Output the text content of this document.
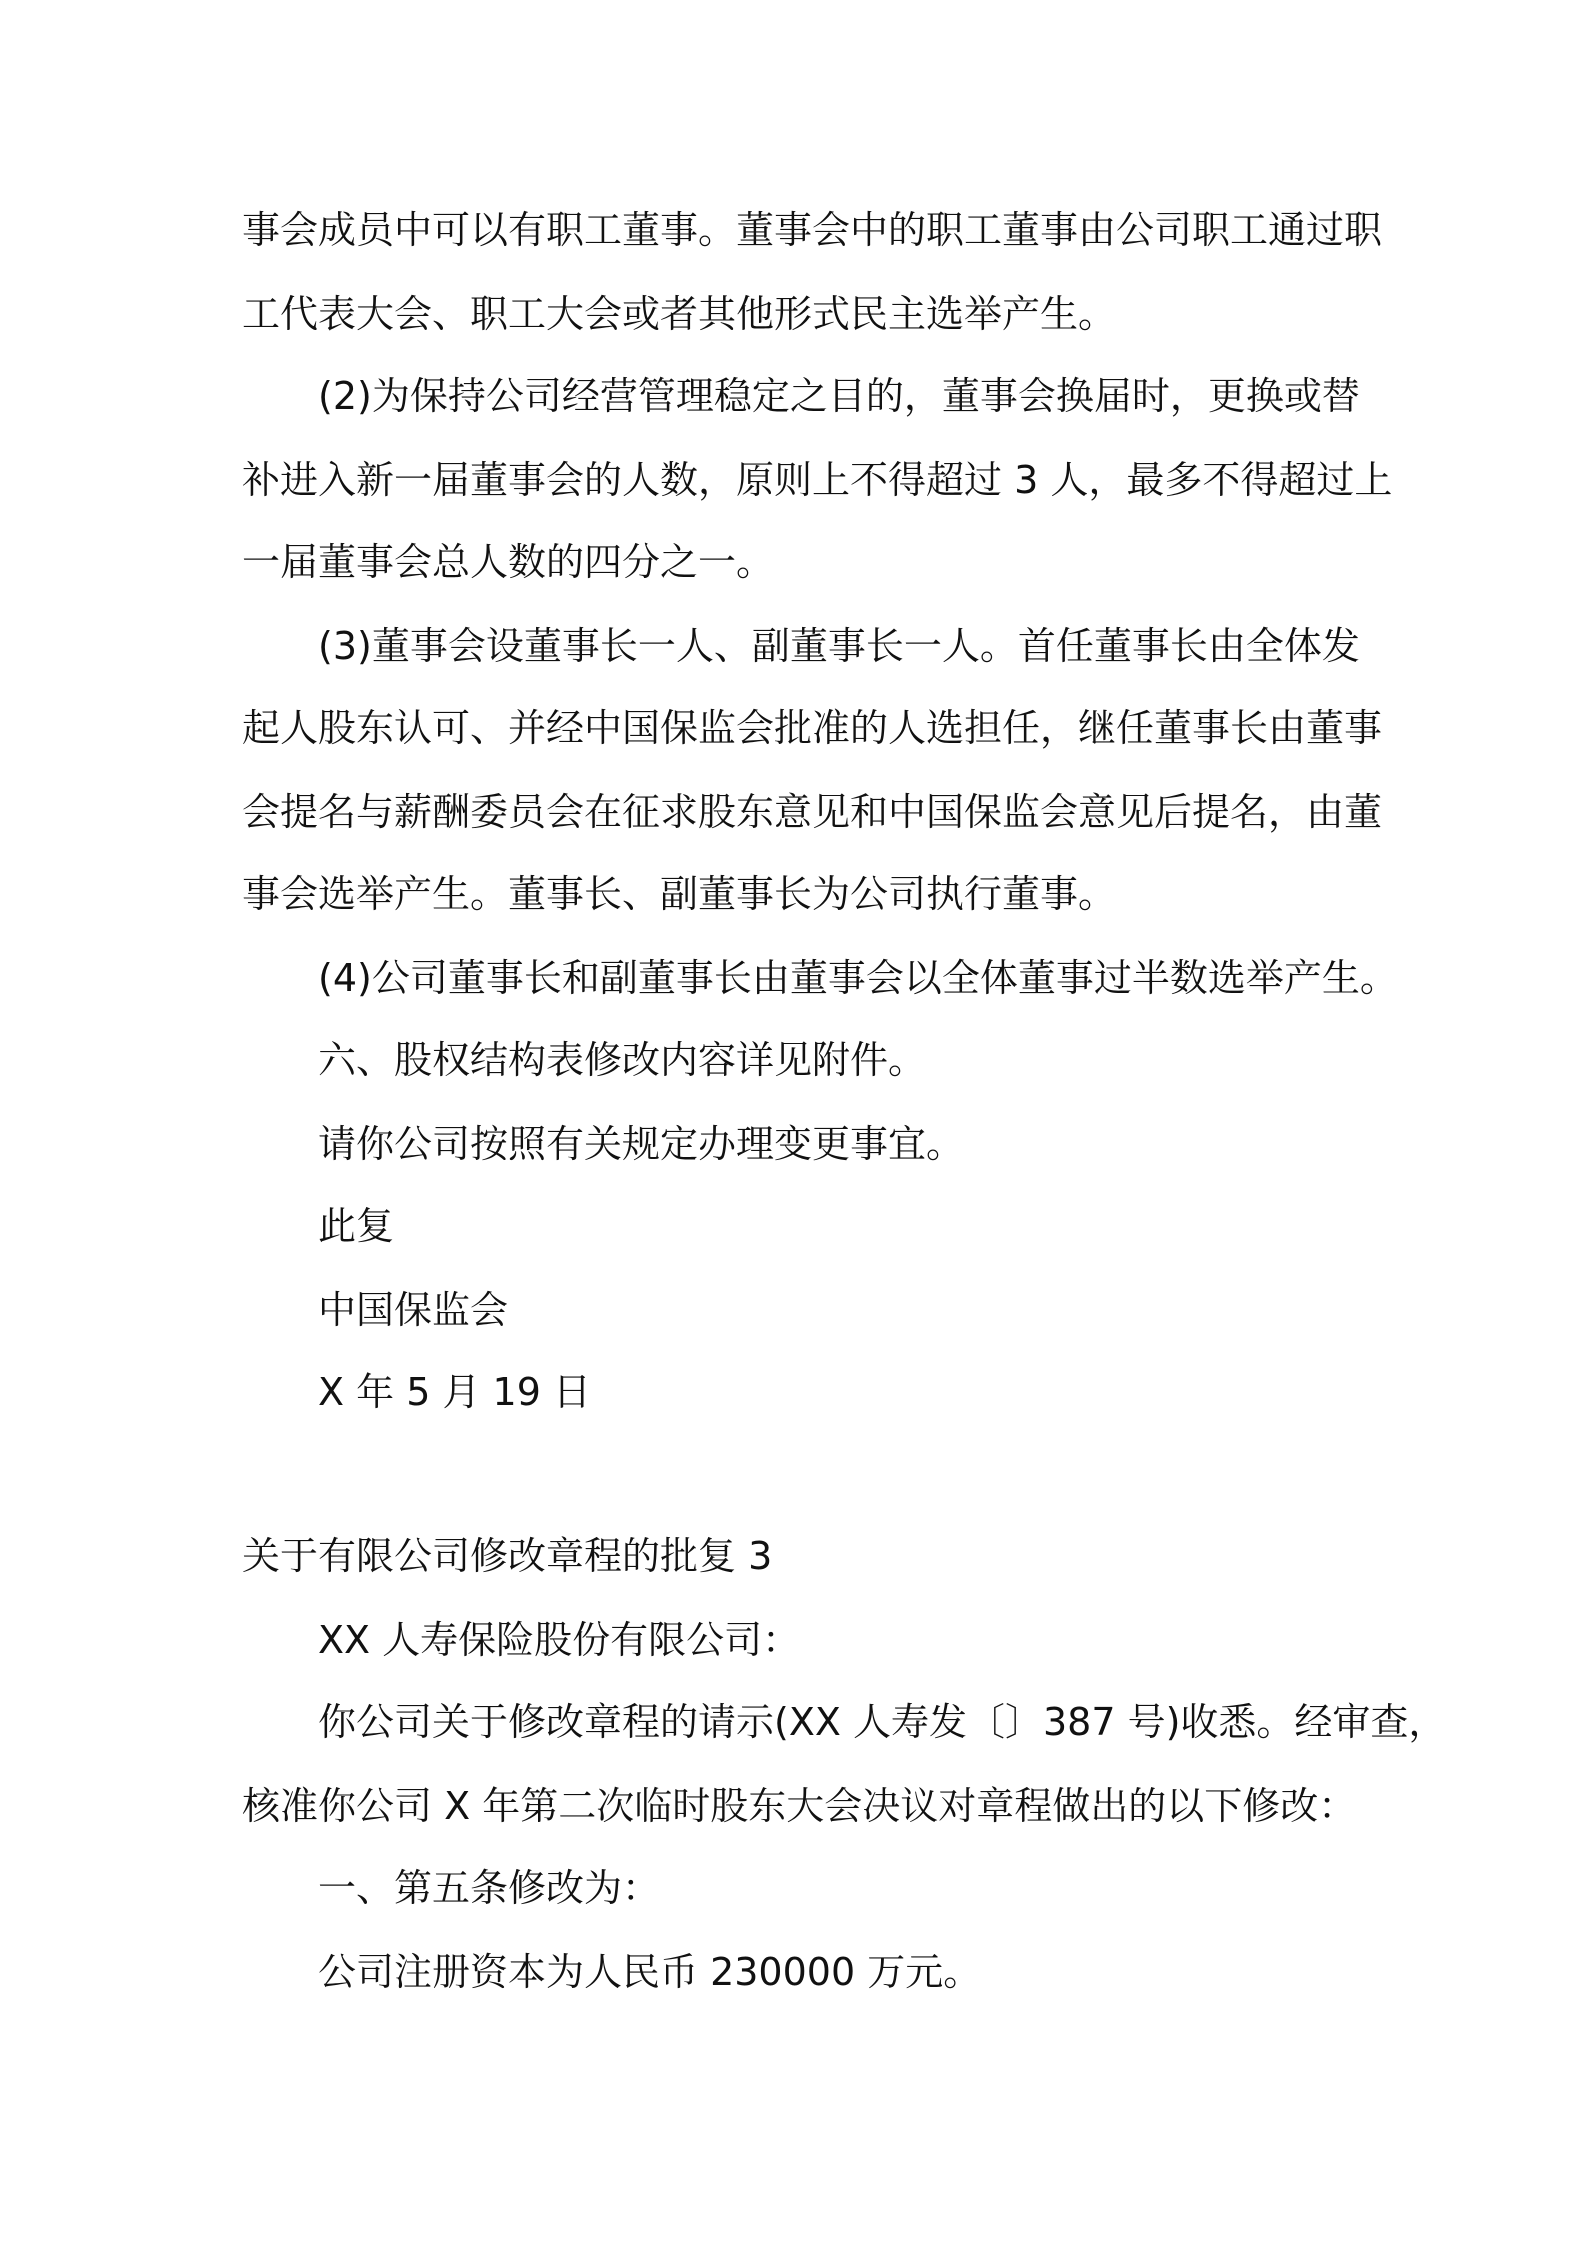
事会成员中可以有职工董事。董事会中的职工董事由公司职工通过职
工代表大会、职工大会或者其他形式民主选举产生。
(2)为保持公司经营管理稳定之目的，董事会换届时，更换或替
补进入新一届董事会的人数，原则上不得超过 3 人，最多不得超过上
一届董事会总人数的四分之一。
(3)董事会设董事长一人、副董事长一人。首任董事长由全体发
起人股东认可、并经中国保监会批准的人选担任，继任董事长由董事
会提名与薪酬委员会在征求股东意见和中国保监会意见后提名，由董
事会选举产生。董事长、副董事长为公司执行董事。
(4)公司董事长和副董事长由董事会以全体董事过半数选举产生。
六、股权结构表修改内容详见附件。
请你公司按照有关规定办理变更事宜。
此复
中国保监会
X 年 5 月 19 日
关于有限公司修改章程的批复 3
XX 人寿保险股份有限公司：
你公司关于修改章程的请示(XX 人寿发〔〕387 号)收悉。经审查，
核准你公司 X 年第二次临时股东大会决议对章程做出的以下修改：
一、第五条修改为：
公司注册资本为人民币 230000 万元。
